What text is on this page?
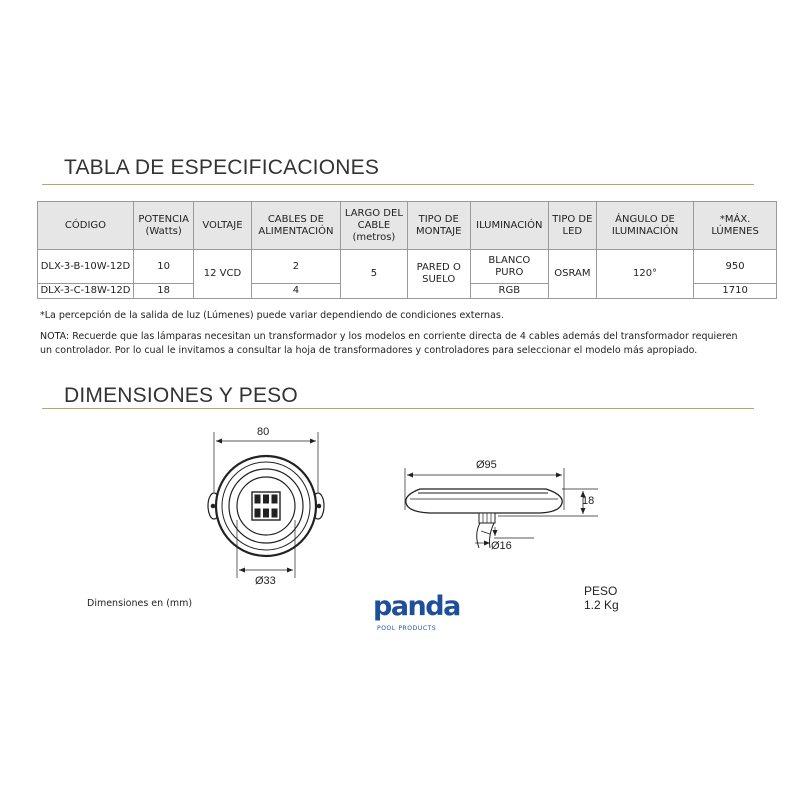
TABLA DE ESPECIFICACIONES
CÓDIGO	POTENCIA (Watts)	VOLTAJE	CABLES DE ALIMENTACIÓN	LARGO DEL CABLE (metros)	TIPO DE MONTAJE	ILUMINACIÓN	TIPO DE LED	ÁNGULO DE ILUMINACIÓN	*MÁX. LÚMENES
DLX-3-B-10W-12D	10	12 VCD	2	5	PARED O SUELO	BLANCO PURO	OSRAM	120°	950
DLX-3-C-18W-12D	18		4			RGB			1710
*La percepción de la salida de luz (Lúmenes) puede variar dependiendo de condiciones externas.
NOTA: Recuerde que las lámparas necesitan un transformador y los modelos en corriente directa de 4 cables además del transformador requieren
un controlador. Por lo cual le invitamos a consultar la hoja de transformadores y controladores para seleccionar el modelo más apropiado.
DIMENSIONES Y PESO
80
Ø33
Ø95
18
Ø16
Dimensiones en (mm)	panda
POOL PRODUCTS
PESO
1.2 Kg
